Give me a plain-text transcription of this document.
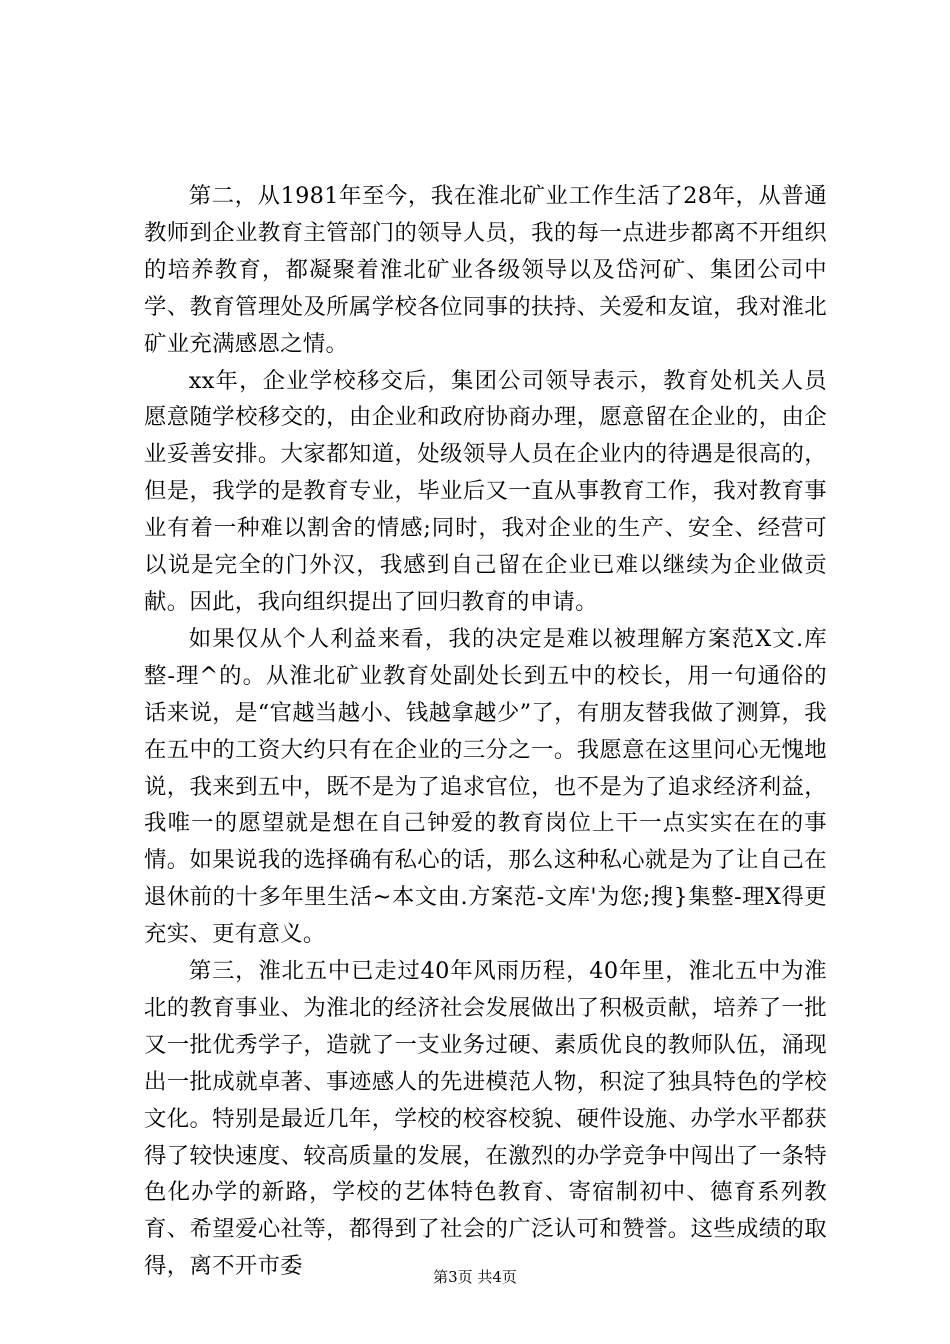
第二，从1981年至今，我在淮北矿业工作生活了28年，从普通教师到企业教育主管部门的领导人员，我的每一点进步都离不开组织的培养教育，都凝聚着淮北矿业各级领导以及岱河矿、集团公司中学、教育管理处及所属学校各位同事的扶持、关爱和友谊，我对淮北矿业充满感恩之情。

xx年，企业学校移交后，集团公司领导表示，教育处机关人员愿意随学校移交的，由企业和政府协商办理，愿意留在企业的，由企业妥善安排。大家都知道，处级领导人员在企业内的待遇是很高的，但是，我学的是教育专业，毕业后又一直从事教育工作，我对教育事业有着一种难以割舍的情感;同时，我对企业的生产、安全、经营可以说是完全的门外汉，我感到自己留在企业已难以继续为企业做贡献。因此，我向组织提出了回归教育的申请。

如果仅从个人利益来看，我的决定是难以被理解方案范X文.库整-理^的。从淮北矿业教育处副处长到五中的校长，用一句通俗的话来说，是“官越当越小、钱越拿越少”了，有朋友替我做了测算，我在五中的工资大约只有在企业的三分之一。我愿意在这里问心无愧地说，我来到五中，既不是为了追求官位，也不是为了追求经济利益，我唯一的愿望就是想在自己钟爱的教育岗位上干一点实实在在的事情。如果说我的选择确有私心的话，那么这种私心就是为了让自己在退休前的十多年里生活~本文由.方案范-文库'为您;搜}集整-理X得更充实、更有意义。

第三，淮北五中已走过40年风雨历程，40年里，淮北五中为淮北的教育事业、为淮北的经济社会发展做出了积极贡献，培养了一批又一批优秀学子，造就了一支业务过硬、素质优良的教师队伍，涌现出一批成就卓著、事迹感人的先进模范人物，积淀了独具特色的学校文化。特别是最近几年，学校的校容校貌、硬件设施、办学水平都获得了较快速度、较高质量的发展，在激烈的办学竞争中闯出了一条特色化办学的新路，学校的艺体特色教育、寄宿制初中、德育系列教育、希望爱心社等，都得到了社会的广泛认可和赞誉。这些成绩的取得，离不开市委	第3页 共4页
